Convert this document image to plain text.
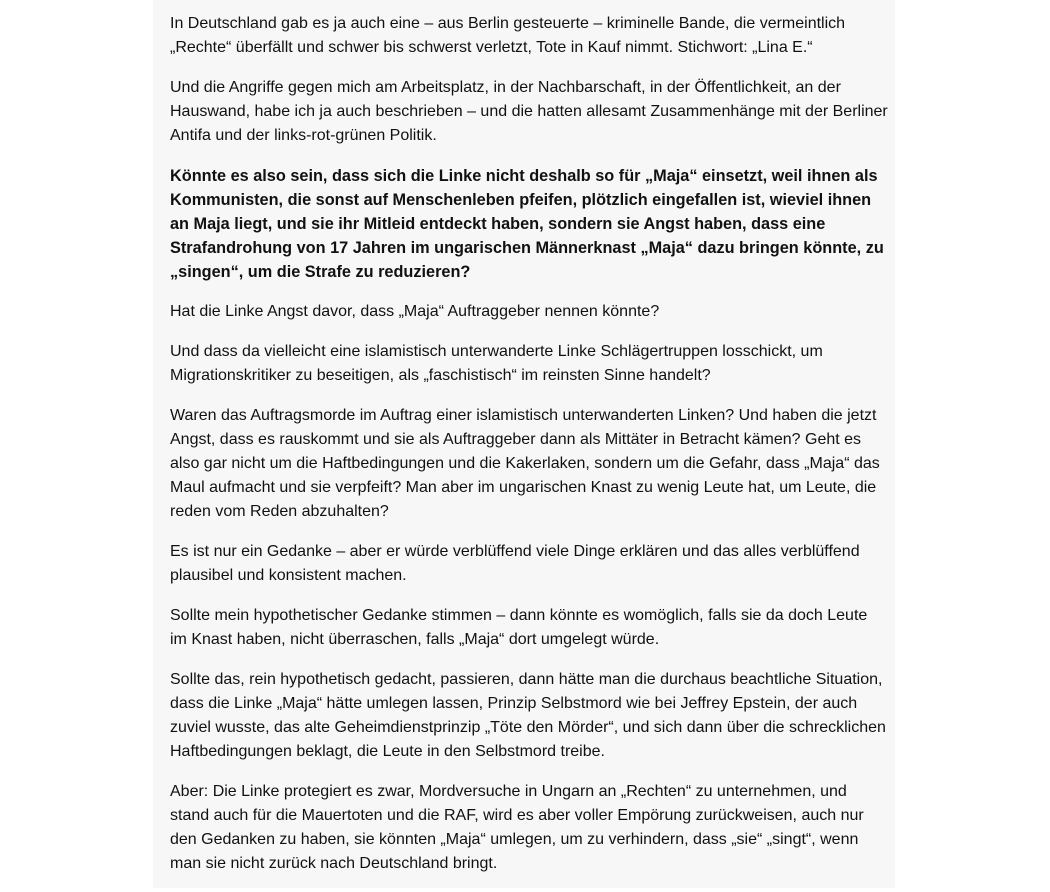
In Deutschland gab es ja auch eine – aus Berlin gesteuerte – kriminelle Bande, die vermeintlich „Rechte“ überfällt und schwer bis schwerst verletzt, Tote in Kauf nimmt. Stichwort: „Lina E.“

Und die Angriffe gegen mich am Arbeitsplatz, in der Nachbarschaft, in der Öffentlichkeit, an der Hauswand, habe ich ja auch beschrieben – und die hatten allesamt Zusammenhänge mit der Berliner Antifa und der links-rot-grünen Politik.

Könnte es also sein, dass sich die Linke nicht deshalb so für „Maja“ einsetzt, weil ihnen als Kommunisten, die sonst auf Menschenleben pfeifen, plötzlich eingefallen ist, wieviel ihnen an Maja liegt, und sie ihr Mitleid entdeckt haben, sondern sie Angst haben, dass eine Strafandrohung von 17 Jahren im ungarischen Männerknast „Maja“ dazu bringen könnte, zu „singen“, um die Strafe zu reduzieren?

Hat die Linke Angst davor, dass „Maja“ Auftraggeber nennen könnte?

Und dass da vielleicht eine islamistisch unterwanderte Linke Schlägertruppen losschickt, um Migrationskritiker zu beseitigen, als „faschistisch“ im reinsten Sinne handelt?

Waren das Auftragsmorde im Auftrag einer islamistisch unterwanderten Linken? Und haben die jetzt Angst, dass es rauskommt und sie als Auftraggeber dann als Mittäter in Betracht kämen? Geht es also gar nicht um die Haftbedingungen und die Kakerlaken, sondern um die Gefahr, dass „Maja“ das Maul aufmacht und sie verpfeift? Man aber im ungarischen Knast zu wenig Leute hat, um Leute, die reden vom Reden abzuhalten?

Es ist nur ein Gedanke – aber er würde verblüffend viele Dinge erklären und das alles verblüffend plausibel und konsistent machen.

Sollte mein hypothetischer Gedanke stimmen – dann könnte es womöglich, falls sie da doch Leute im Knast haben, nicht überraschen, falls „Maja“ dort umgelegt würde.

Sollte das, rein hypothetisch gedacht, passieren, dann hätte man die durchaus beachtliche Situation, dass die Linke „Maja“ hätte umlegen lassen, Prinzip Selbstmord wie bei Jeffrey Epstein, der auch zuviel wusste, das alte Geheimdienstprinzip „Töte den Mörder“, und sich dann über die schrecklichen Haftbedingungen beklagt, die Leute in den Selbstmord treibe.

Aber: Die Linke protegiert es zwar, Mordversuche in Ungarn an „Rechten“ zu unternehmen, und stand auch für die Mauertoten und die RAF, wird es aber voller Empörung zurückweisen, auch nur den Gedanken zu haben, sie könnten „Maja“ umlegen, um zu verhindern, dass „sie“ „singt“, wenn man sie nicht zurück nach Deutschland bringt.
